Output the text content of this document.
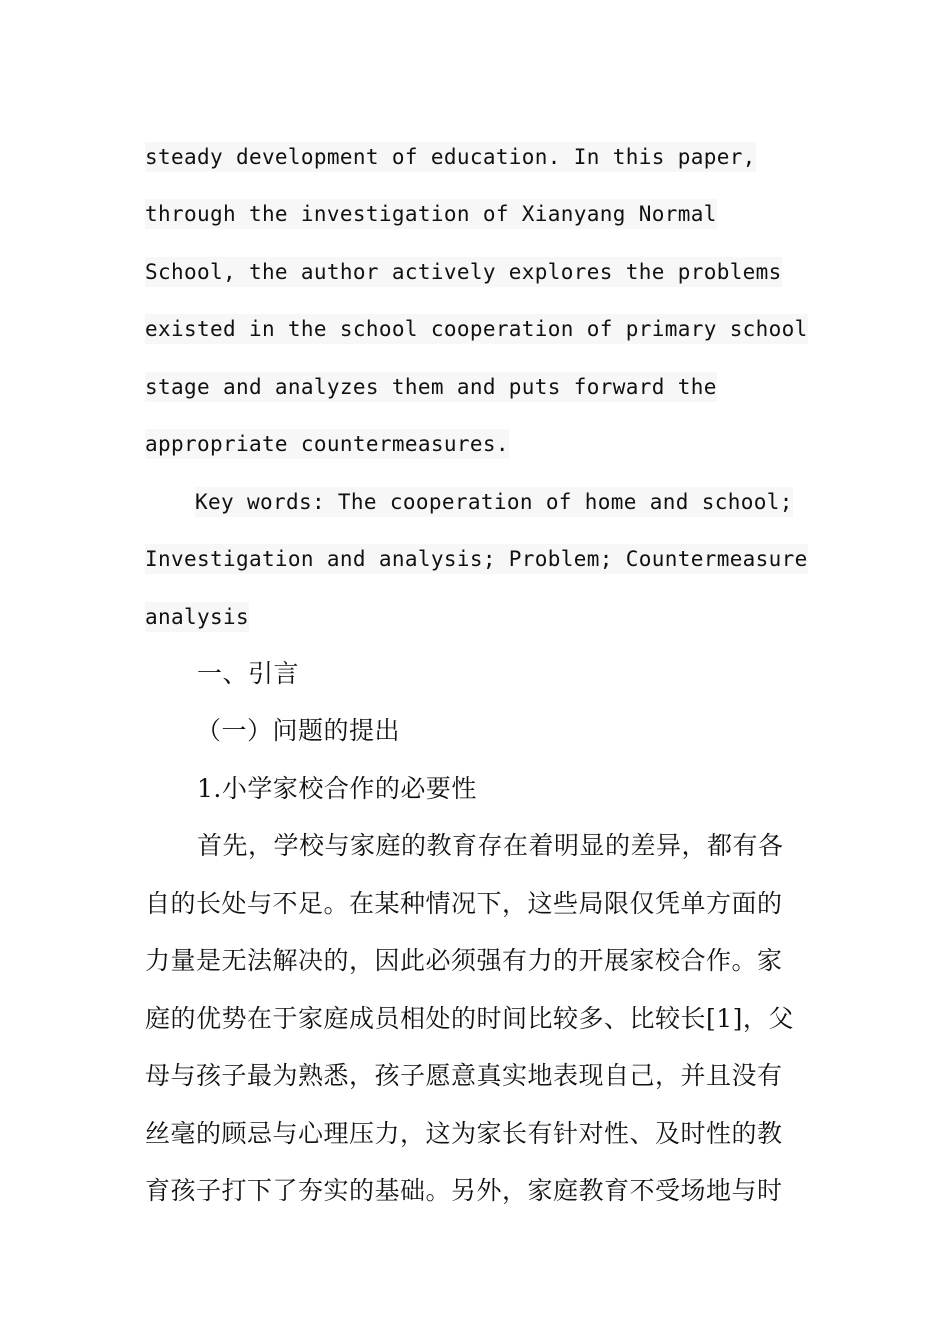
steady development of education. In this paper,
through the investigation of Xianyang Normal
School, the author actively explores the problems
existed in the school cooperation of primary school
stage and analyzes them and puts forward the
appropriate countermeasures.
Key words: The cooperation of home and school;
Investigation and analysis; Problem; Countermeasure
analysis
一、引言
（一）问题的提出
1.小学家校合作的必要性
首先，学校与家庭的教育存在着明显的差异，都有各
自的长处与不足。在某种情况下，这些局限仅凭单方面的
力量是无法解决的，因此必须强有力的开展家校合作。家
庭的优势在于家庭成员相处的时间比较多、比较长[1]，父
母与孩子最为熟悉，孩子愿意真实地表现自己，并且没有
丝毫的顾忌与心理压力，这为家长有针对性、及时性的教
育孩子打下了夯实的基础。另外，家庭教育不受场地与时
